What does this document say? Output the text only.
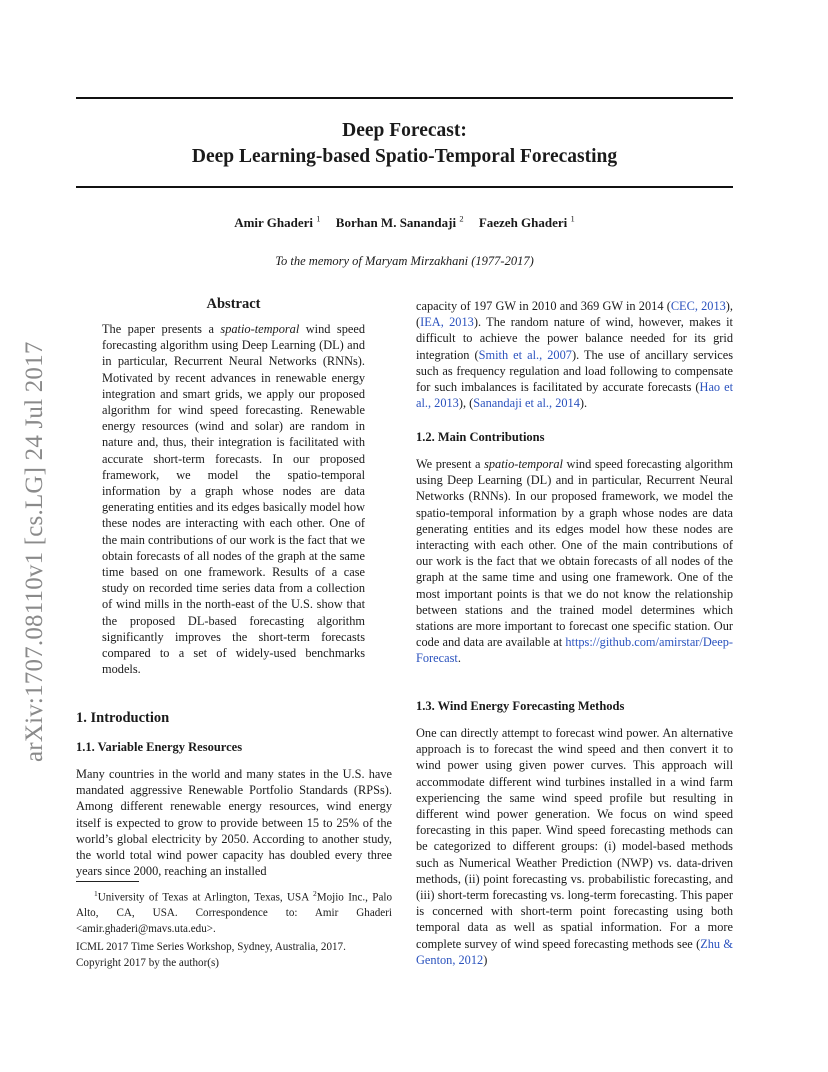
arXiv:1707.08110v1 [cs.LG] 24 Jul 2017
Deep Forecast:
Deep Learning-based Spatio-Temporal Forecasting
Amir Ghaderi $^1$ Borhan M. Sanandaji $^2$ Faezeh Ghaderi $^1$
To the memory of Maryam Mirzakhani (1977-2017)
Abstract

The paper presents a spatio-temporal wind speed forecasting algorithm using Deep Learning (DL) and in particular, Recurrent Neural Networks (RNNs). Motivated by recent advances in renewable energy integration and smart grids, we apply our proposed algorithm for wind speed forecasting. Renewable energy resources (wind and solar) are random in nature and, thus, their integration is facilitated with accurate short-term forecasts. In our proposed framework, we model the spatio-temporal information by a graph whose nodes are data generating entities and its edges basically model how these nodes are interacting with each other. One of the main contributions of our work is the fact that we obtain forecasts of all nodes of the graph at the same time based on one framework. Results of a case study on recorded time series data from a collection of wind mills in the north-east of the U.S. show that the proposed DL-based forecasting algorithm significantly improves the short-term forecasts compared to a set of widely-used benchmarks models.

1. Introduction
1.1. Variable Energy Resources

Many countries in the world and many states in the U.S. have mandated aggressive Renewable Portfolio Standards (RPSs). Among different renewable energy resources, wind energy itself is expected to grow to provide between 15 to 25% of the world’s global electricity by 2050. According to another study, the world total wind power capacity has doubled every three years since 2000, reaching an installed

$^1$University of Texas at Arlington, Texas, USA $^2$Mojio Inc., Palo Alto, CA, USA. Correspondence to: Amir Ghaderi <amir.ghaderi@mavs.uta.edu>.
ICML 2017 Time Series Workshop, Sydney, Australia, 2017. Copyright 2017 by the author(s)

capacity of 197 GW in 2010 and 369 GW in 2014 (CEC, 2013), (IEA, 2013). The random nature of wind, however, makes it difficult to achieve the power balance needed for its grid integration (Smith et al., 2007). The use of ancillary services such as frequency regulation and load following to compensate for such imbalances is facilitated by accurate forecasts (Hao et al., 2013), (Sanandaji et al., 2014).

1.2. Main Contributions

We present a spatio-temporal wind speed forecasting algorithm using Deep Learning (DL) and in particular, Recurrent Neural Networks (RNNs). In our proposed framework, we model the spatio-temporal information by a graph whose nodes are data generating entities and its edges model how these nodes are interacting with each other. One of the main contributions of our work is the fact that we obtain forecasts of all nodes of the graph at the same time and using one framework. One of the most important points is that we do not know the relationship between stations and the trained model determines which stations are more important to forecast one specific station. Our code and data are available at https://github.com/amirstar/Deep-Forecast.

1.3. Wind Energy Forecasting Methods

One can directly attempt to forecast wind power. An alternative approach is to forecast the wind speed and then convert it to wind power using given power curves. This approach will accommodate different wind turbines installed in a wind farm experiencing the same wind speed profile but resulting in different wind power generation. We focus on wind speed forecasting in this paper. Wind speed forecasting methods can be categorized to different groups: (i) model-based methods such as Numerical Weather Prediction (NWP) vs. data-driven methods, (ii) point forecasting vs. probabilistic forecasting, and (iii) short-term forecasting vs. long-term forecasting. This paper is concerned with short-term point forecasting using both temporal data as well as spatial information. For a more complete survey of wind speed forecasting methods see (Zhu & Genton, 2012)
